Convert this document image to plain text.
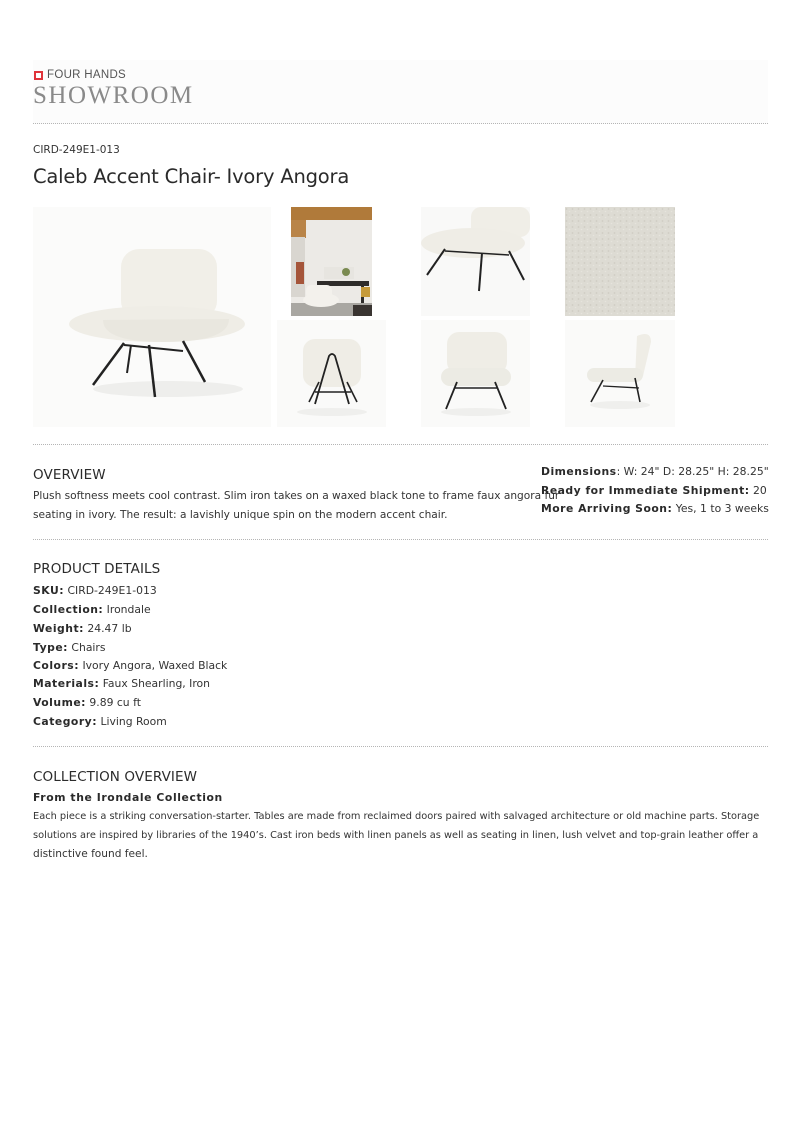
FOUR HANDS
SHOWROOM
CIRD-249E1-013
Caleb Accent Chair- Ivory Angora
OVERVIEW
Plush softness meets cool contrast. Slim iron takes on a waxed black tone to frame faux angora fur
seating in ivory. The result: a lavishly unique spin on the modern accent chair.
Dimensions: W: 24" D: 28.25" H: 28.25"
Ready for Immediate Shipment: 20
More Arriving Soon: Yes, 1 to 3 weeks
PRODUCT DETAILS
SKU: CIRD-249E1-013
Collection: Irondale
Weight: 24.47 lb
Type: Chairs
Colors: Ivory Angora, Waxed Black
Materials: Faux Shearling, Iron
Volume: 9.89 cu ft
Category: Living Room
COLLECTION OVERVIEW
From the Irondale Collection
Each piece is a striking conversation-starter. Tables are made from reclaimed doors paired with salvaged architecture or old machine parts. Storage
solutions are inspired by libraries of the 1940’s. Cast iron beds with linen panels as well as seating in linen, lush velvet and top-grain leather offer a
distinctive found feel.
